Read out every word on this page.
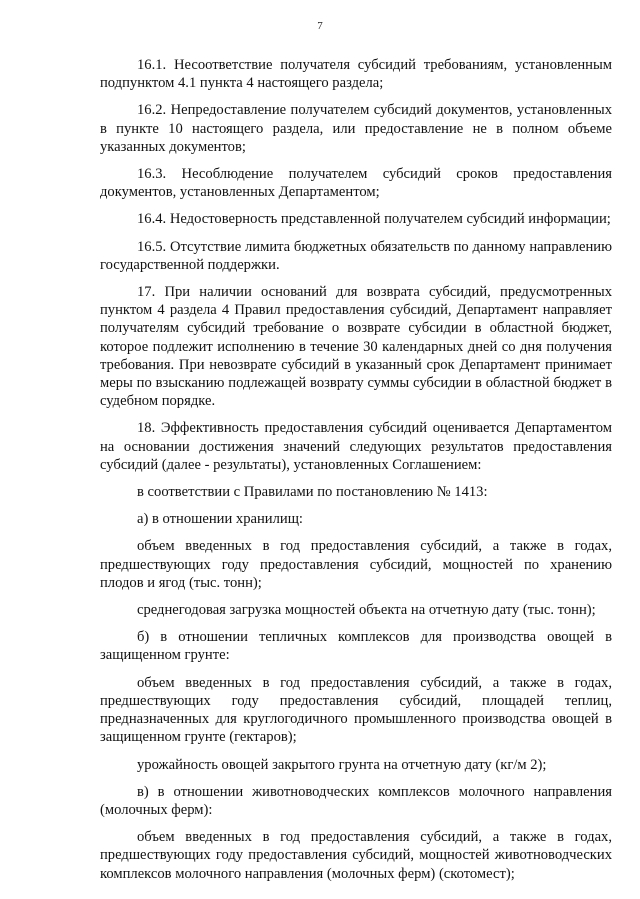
7

16.1. Несоответствие получателя субсидий требованиям, установленным подпунктом 4.1 пункта 4 настоящего раздела;

16.2. Непредоставление получателем субсидий документов, установленных в пункте 10 настоящего раздела, или предоставление не в полном объеме указанных документов;

16.3. Несоблюдение получателем субсидий сроков предоставления документов, установленных Департаментом;

16.4. Недостоверность представленной получателем субсидий информации;

16.5. Отсутствие лимита бюджетных обязательств по данному направлению государственной поддержки.

17. При наличии оснований для возврата субсидий, предусмотренных пунктом 4 раздела 4 Правил предоставления субсидий, Департамент направляет получателям субсидий требование о возврате субсидии в областной бюджет, которое подлежит исполнению в течение 30 календарных дней со дня получения требования. При невозврате субсидий в указанный срок Департамент принимает меры по взысканию подлежащей возврату суммы субсидии в областной бюджет в судебном порядке.

18. Эффективность предоставления субсидий оценивается Департаментом на основании достижения значений следующих результатов предоставления субсидий (далее - результаты), установленных Соглашением:

в соответствии с Правилами по постановлению № 1413:

а) в отношении хранилищ:

объем введенных в год предоставления субсидий, а также в годах, предшествующих году предоставления субсидий, мощностей по хранению плодов и ягод (тыс. тонн);

среднегодовая загрузка мощностей объекта на отчетную дату (тыс. тонн);

б) в отношении тепличных комплексов для производства овощей в защищенном грунте:

объем введенных в год предоставления субсидий, а также в годах, предшествующих году предоставления субсидий, площадей теплиц, предназначенных для круглогодичного промышленного производства овощей в защищенном грунте (гектаров);

урожайность овощей закрытого грунта на отчетную дату (кг/м 2);

в) в отношении животноводческих комплексов молочного направления (молочных ферм):

объем введенных в год предоставления субсидий, а также в годах, предшествующих году предоставления субсидий, мощностей животноводческих комплексов молочного направления (молочных ферм) (скотомест);
